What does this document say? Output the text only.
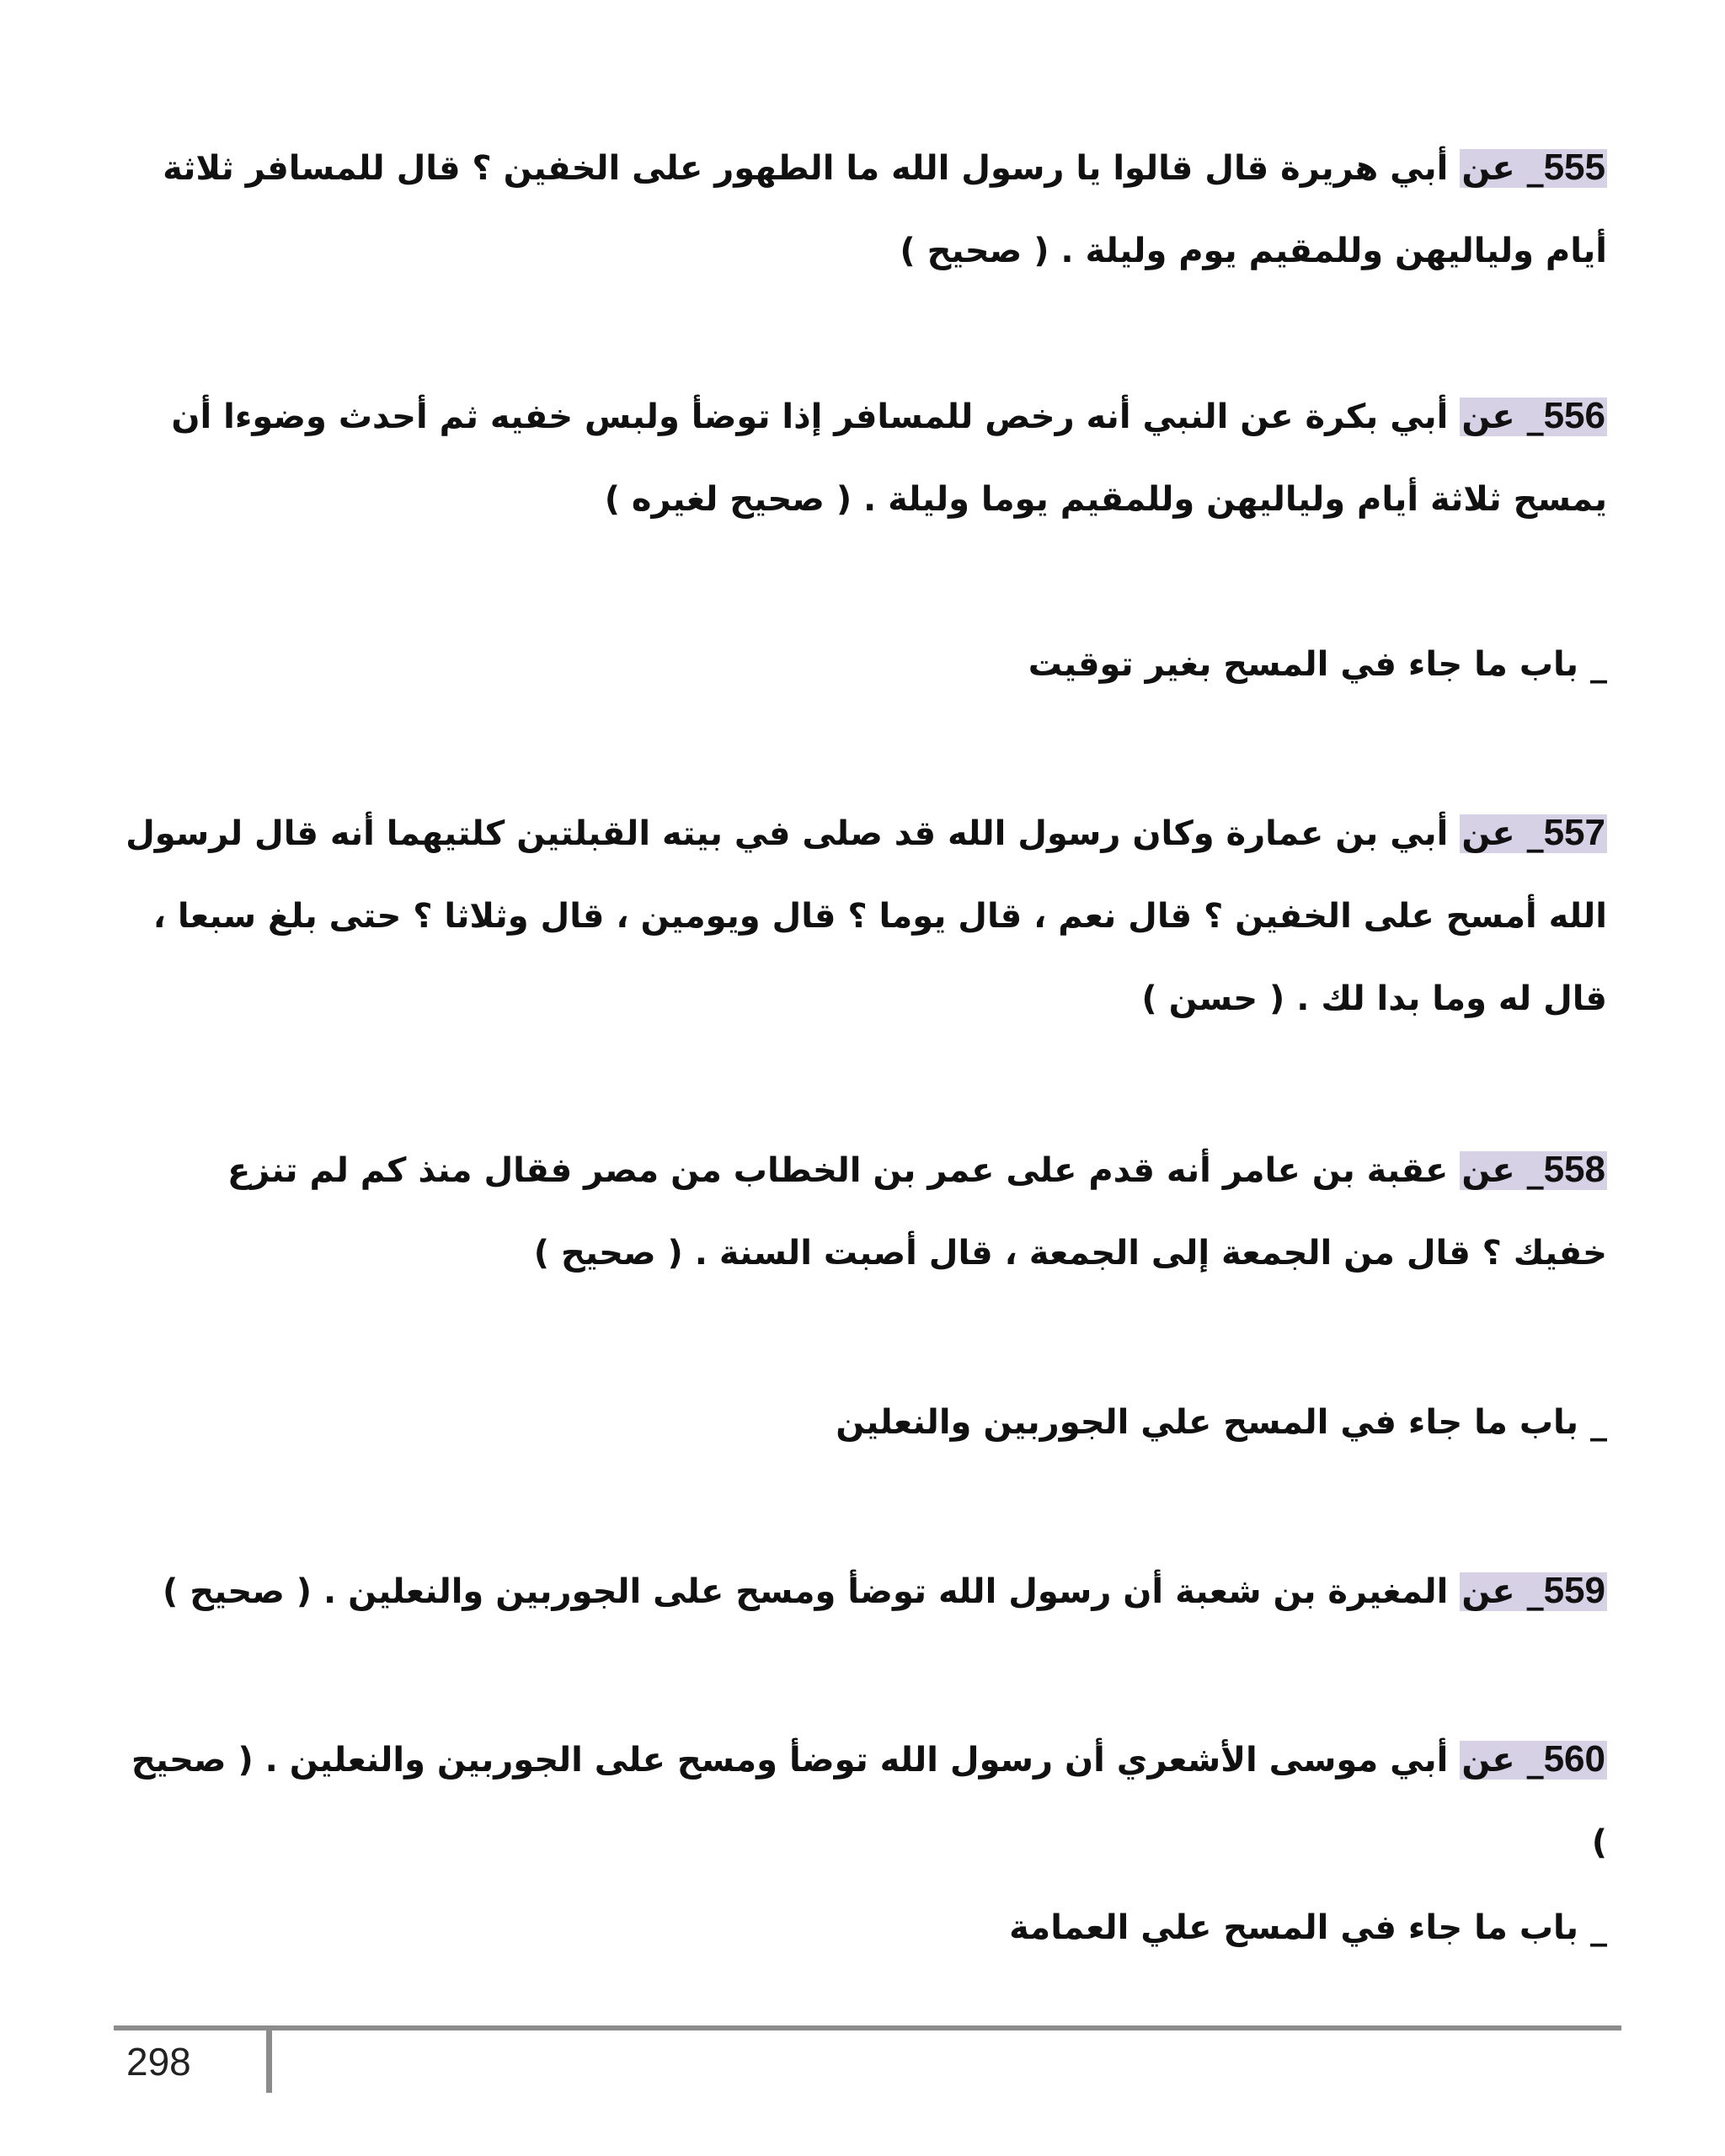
555_ عن أبي هريرة قال قالوا يا رسول الله ما الطهور على الخفين ؟ قال للمسافر ثلاثة أيام ولياليهن وللمقيم يوم وليلة . ( صحيح )
556_ عن أبي بكرة عن النبي أنه رخص للمسافر إذا توضأ ولبس خفيه ثم أحدث وضوءا أن يمسح ثلاثة أيام ولياليهن وللمقيم يوما وليلة . ( صحيح لغيره )
_ باب ما جاء في المسح بغير توقيت
557_ عن أبي بن عمارة وكان رسول الله قد صلى في بيته القبلتين كلتيهما أنه قال لرسول الله أمسح على الخفين ؟ قال نعم ، قال يوما ؟ قال ويومين ، قال وثلاثا ؟ حتى بلغ سبعا ، قال له وما بدا لك . ( حسن )
558_ عن عقبة بن عامر أنه قدم على عمر بن الخطاب من مصر فقال منذ كم لم تنزع خفيك ؟ قال من الجمعة إلى الجمعة ، قال أصبت السنة . ( صحيح )
_ باب ما جاء في المسح علي الجوربين والنعلين
559_ عن المغيرة بن شعبة أن رسول الله توضأ ومسح على الجوربين والنعلين . ( صحيح )
560_ عن أبي موسى الأشعري أن رسول الله توضأ ومسح على الجوربين والنعلين . ( صحيح )
_ باب ما جاء في المسح علي العمامة
298
